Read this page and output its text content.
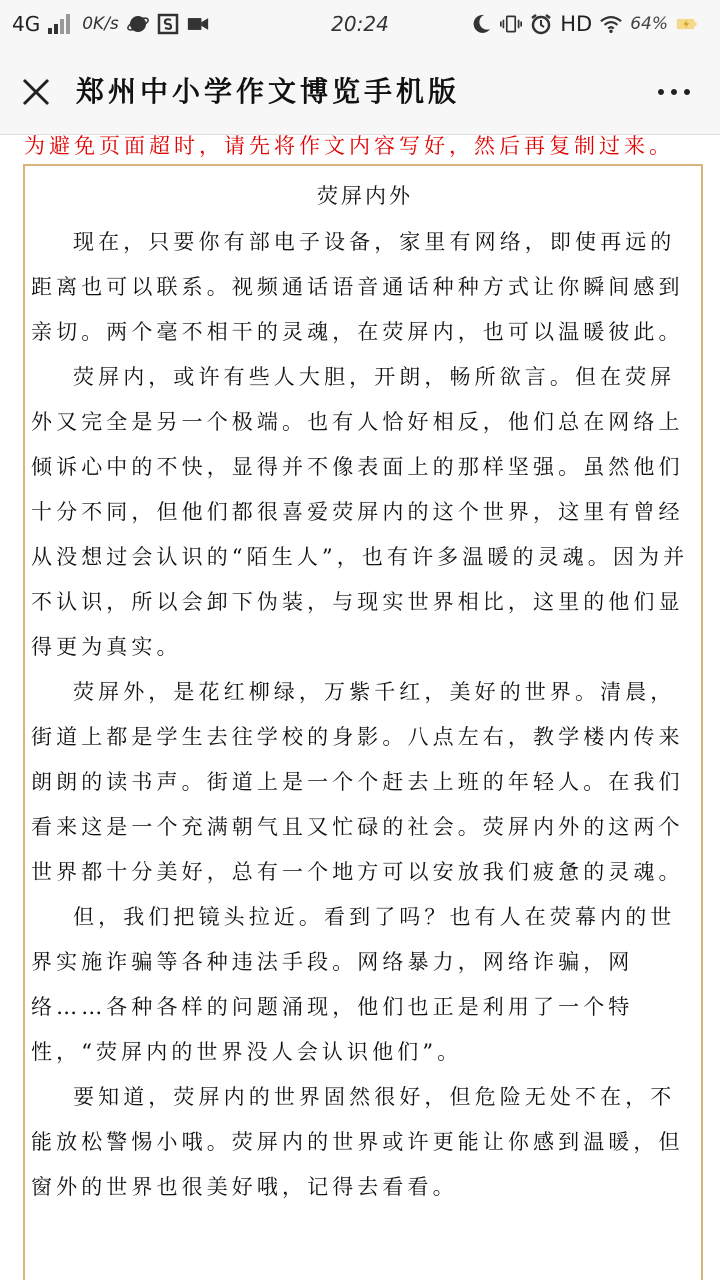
4G 0K/s	20:24	HD 64%
郑州中小学作文博览手机版
为避免页面超时，请先将作文内容写好，然后再复制过来。
荧屏内外

现在，只要你有部电子设备，家里有网络，即使再远的距离也可以联系。视频通话语音通话种种方式让你瞬间感到亲切。两个毫不相干的灵魂，在荧屏内，也可以温暖彼此。

荧屏内，或许有些人大胆，开朗，畅所欲言。但在荧屏外又完全是另一个极端。也有人恰好相反，他们总在网络上倾诉心中的不快，显得并不像表面上的那样坚强。虽然他们十分不同，但他们都很喜爱荧屏内的这个世界，这里有曾经从没想过会认识的“陌生人”，也有许多温暖的灵魂。因为并不认识，所以会卸下伪装，与现实世界相比，这里的他们显得更为真实。

荧屏外，是花红柳绿，万紫千红，美好的世界。清晨，街道上都是学生去往学校的身影。八点左右，教学楼内传来朗朗的读书声。街道上是一个个赶去上班的年轻人。在我们看来这是一个充满朝气且又忙碌的社会。荧屏内外的这两个世界都十分美好，总有一个地方可以安放我们疲惫的灵魂。

但，我们把镜头拉近。看到了吗？也有人在荧幕内的世界实施诈骗等各种违法手段。网络暴力，网络诈骗，网络……各种各样的问题涌现，他们也正是利用了一个特性，“荧屏内的世界没人会认识他们”。

要知道，荧屏内的世界固然很好，但危险无处不在，不能放松警惕小哦。荧屏内的世界或许更能让你感到温暖，但窗外的世界也很美好哦，记得去看看。
